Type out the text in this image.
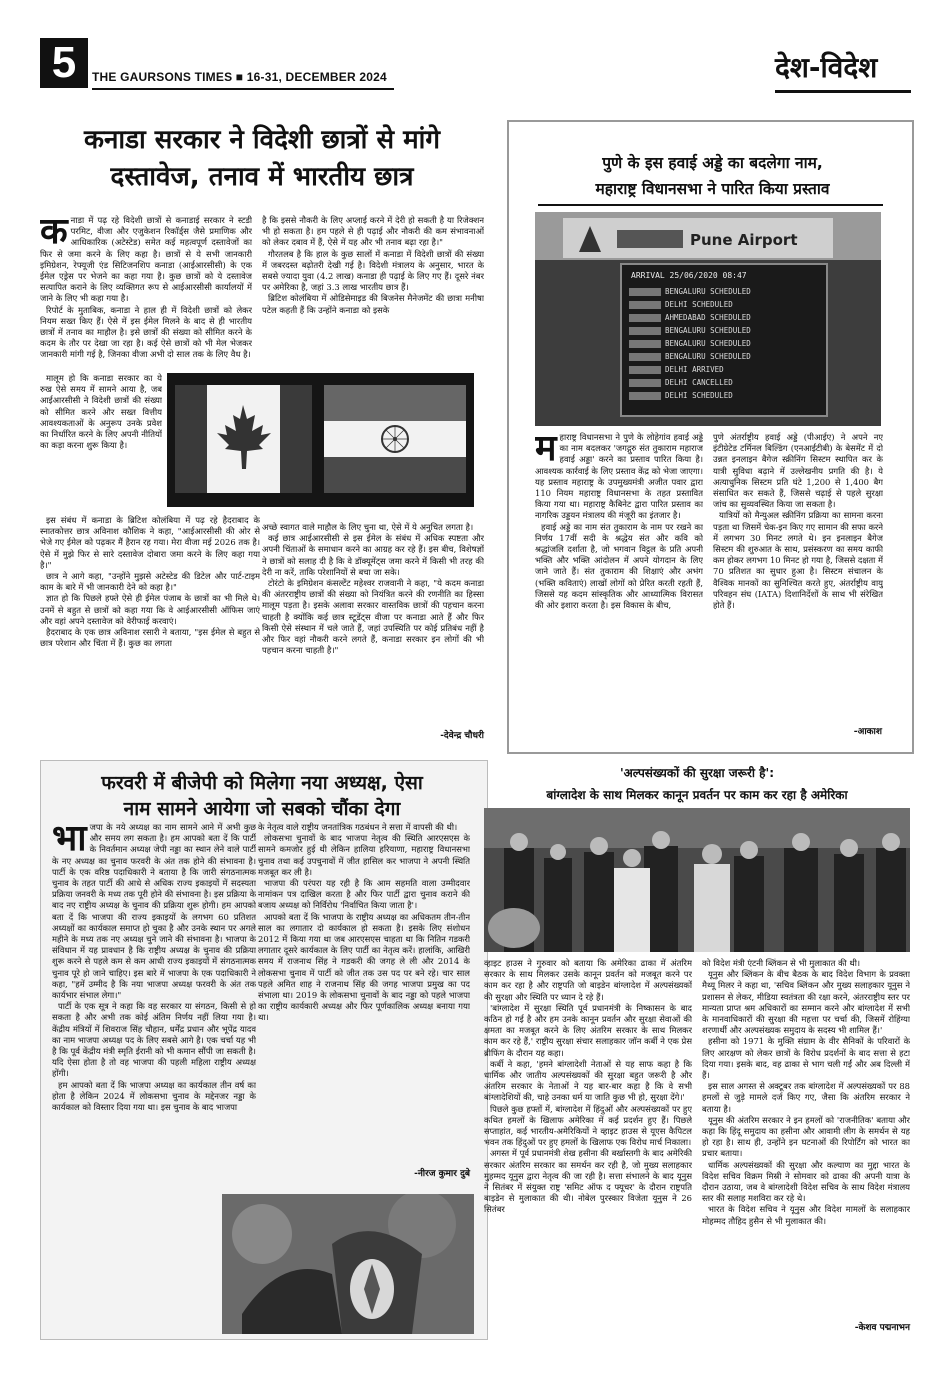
5	THE GAURSONS TIMES ■ 16-31, DECEMBER 2024	देश-विदेश
कनाडा सरकार ने विदेशी छात्रों से मांगे
दस्तावेज, तनाव में भारतीय छात्र
क नाडा में पढ़ रहे विदेशी छात्रों से कनाडाई सरकार ने स्टडी परमिट, वीजा और एजुकेशन रिकॉर्ड्स जैसे प्रमाणिक और आधिकारिक (अटेस्टेड) समेत कई महत्वपूर्ण दस्तावेजों का फिर से जमा करने के लिए कहा है। छात्रों से ये सभी जानकारी इमिग्रेशन, रेफ्यूजी एंड सिटिजनशिप कनाडा (आईआरसीसी) के एक ईमेल एड्रेस पर भेजने का कहा गया है। कुछ छात्रों को ये दस्तावेज सत्यापित कराने के लिए व्यक्तिगत रूप से आईआरसीसी कार्यालयों में जाने के लिए भी कहा गया है।

रिपोर्ट के मुताबिक, कनाडा ने हाल ही में विदेशी छात्रों को लेकर नियम सख्त किए हैं। ऐसे में इस ईमेल मिलने के बाद से ही भारतीय छात्रों में तनाव का माहौल है। इसे छात्रों की संख्या को सीमित करने के कदम के तौर पर देखा जा रहा है। कई ऐसे छात्रों को भी मेल भेजकर जानकारी मांगी गई है, जिनका वीजा अभी दो साल तक के लिए वैध है।

मालूम हो कि कनाडा सरकार का ये रुख ऐसे समय में सामने आया है, जब आईआरसीसी ने विदेशी छात्रों की संख्या को सीमित करने और सख्त वित्तीय आवश्यकताओं के अनुरूप उनके प्रवेश का निर्धारित करने के लिए अपनी नीतियों का कड़ा करना शुरू किया है।

इस संबंध में कनाडा के ब्रिटिश कोलंबिया में पढ़ रहे हैदराबाद के स्नातकोत्तर छात्र अविनाश कौशिक ने कहा, "आईआरसीसी की ओर से भेजे गए ईमेल को पढ़कर मैं हैरान रह गया। मेरा वीजा मई 2026 तक है। ऐसे में मुझे फिर से सारे दस्तावेज दोबारा जमा करने के लिए कहा गया है।"

छात्र ने आगे कहा, "उन्होंने मुझसे अटेस्टेड की डिटेल और पार्ट-टाइम काम के बारे में भी जानकारी देने को कहा है।"

ज्ञात हो कि पिछले हफ्ते ऐसे ही ईमेल पंजाब के छात्रों का भी मिले थे। उनमें से बहुत से छात्रों को कहा गया कि वे आईआरसीसी ऑफिस जाएं और वहां अपने दस्तावेज को वेरीफाई करवाएं।

हैदराबाद के एक छात्र अविनाश रसारी ने बताया, "इस ईमेल से बहुत से छात्र परेशान और चिंता में हैं। कुछ का लगता

है कि इससे नौकरी के लिए अप्लाई करने में देरी हो सकती है या रिजेक्शन भी हो सकता है। हम पहले से ही पढ़ाई और नौकरी की कम संभावनाओं को लेकर दबाव में हैं, ऐसे में यह और भी तनाव बढ़ा रहा है।"

गौरतलब है कि हाल के कुछ सालों में कनाडा में विदेशी छात्रों की संख्या में जबरदस्त बढ़ोतरी देखी गई है। विदेशी मंत्रालय के अनुसार, भारत के सबसे ज्यादा युवा (4.2 लाख) कनाडा ही पढ़ाई के लिए गए हैं। दूसरे नंबर पर अमेरिका है, जहां 3.3 लाख भारतीय छात्र हैं।

ब्रिटिश कोलंबिया में ओडिसेमाइड की बिजनेस मैनेजमेंट की छात्रा मनीषा पटेल कहती हैं कि उन्होंने कनाडा को इसके

अच्छे स्वागत वाले माहौल के लिए चुना था, ऐसे में ये अनुचित लगता है।

कई छात्र आईआरसीसी से इस ईमेल के संबंध में अधिक स्पष्टता और अपनी चिंताओं के समाधान करने का आग्रह कर रहे हैं। इस बीच, विशेषज्ञों ने छात्रों को सलाह दी है कि वे डॉक्यूमेंट्स जमा करने में किसी भी तरह की देरी ना करें, ताकि परेशानियों से बचा जा सके।

टोरंटो के इमिग्रेशन कंसल्टेंट महेश्वर राजवानी ने कहा, "ये कदम कनाडा की अंतरराष्ट्रीय छात्रों की संख्या को नियंत्रित करने की रणनीति का हिस्सा मालूम पड़ता है। इसके अलावा सरकार वास्तविक छात्रों की पहचान करना चाहती है क्योंकि कई छात्र स्टूडेंट्स वीजा पर कनाडा आते हैं और फिर किसी ऐसे संस्थान में चले जाते हैं, जहां उपस्थिति पर कोई प्रतिबंध नहीं है और फिर वहां नौकरी करने लगते हैं, कनाडा सरकार इन लोगों की भी पहचान करना चाहती है।"

-देवेन्द्र चौधरी
पुणे के इस हवाई अड्डे का बदलेगा नाम,
महाराष्ट्र विधानसभा ने पारित किया प्रस्ताव
Pune Airport
ARRIVAL 25/06/2020 08:47
BENGALURU SCHEDULED
DELHI SCHEDULED
AHMEDABAD SCHEDULED
BENGALURU SCHEDULED
BENGALURU SCHEDULED
BENGALURU SCHEDULED
DELHI ARRIVED
DELHI CANCELLED
DELHI SCHEDULED
म हाराष्ट्र विधानसभा ने पुणे के लोहेगांव हवाई अड्डे का नाम बदलकर 'जगद्गुरु संत तुकाराम महाराज हवाई अड्डा' करने का प्रस्ताव पारित किया है। आवश्यक कार्रवाई के लिए प्रस्ताव केंद्र को भेजा जाएगा। यह प्रस्ताव महाराष्ट्र के उपमुख्यमंत्री अजीत पवार द्वारा 110 नियम महाराष्ट्र विधानसभा के तहत प्रस्तावित किया गया था। महाराष्ट्र कैबिनेट द्वारा पारित प्रस्ताव का नागरिक उड्डयन मंत्रालय की मंजूरी का इंतजार है।

हवाई अड्डे का नाम संत तुकाराम के नाम पर रखने का निर्णय 17वीं सदी के श्रद्धेय संत और कवि को श्रद्धांजलि दर्शाता है, जो भगवान विट्ठल के प्रति अपनी भक्ति और भक्ति आंदोलन में अपने योगदान के लिए जाने जाते हैं। संत तुकाराम की शिक्षाएं और अभंग (भक्ति कविताएं) लाखों लोगों को प्रेरित करती रहती हैं, जिससे यह कदम सांस्कृतिक और आध्यात्मिक विरासत की ओर इशारा करता है। इस विकास के बीच,

पुणे अंतर्राष्ट्रीय हवाई अड्डे (पीआईए) ने अपने नए इंटीग्रेटेड टर्मिनल बिल्डिंग (एनआईटीबी) के बेसमेंट में दो उन्नत इनलाइन बैगेज स्क्रीनिंग सिस्टम स्थापित कर के यात्री सुविधा बढ़ाने में उल्लेखनीय प्रगति की है। ये अत्याधुनिक सिस्टम प्रति घंटे 1,200 से 1,400 बैग संसाधित कर सकते हैं, जिससे चढ़ाई से पहले सुरक्षा जांच का सुव्यवस्थित किया जा सकता है।

यात्रियों को मैन्युअल स्क्रीनिंग प्रक्रिया का सामना करना पड़ता था जिसमें चेक-इन किए गए सामान की सफा करने में लगभग 30 मिनट लगते थे। इन इनलाइन बैगेज सिस्टम की शुरुआत के साथ, प्रसंस्करण का समय काफी कम होकर लगभग 10 मिनट हो गया है, जिससे दक्षता में 70 प्रतिशत का सुधार हुआ है। सिस्टम संचालन के वैश्विक मानकों का सुनिश्चित करते हुए, अंतर्राष्ट्रीय वायु परिवहन संघ (IATA) दिशानिर्देशों के साथ भी संरेखित होते हैं।

-आकाश
फरवरी में बीजेपी को मिलेगा नया अध्यक्ष, ऐसा
नाम सामने आयेगा जो सबको चौंका देगा
भा जपा के नये अध्यक्ष का नाम सामने आने में अभी कुछ और समय लग सकता है। हम आपको बता दें कि पार्टी के निवर्तमान अध्यक्ष जेपी नड्डा का स्थान लेने वाले पार्टी के नए अध्यक्ष का चुनाव फरवरी के अंत तक होने की संभावना है। पार्टी के एक वरिष्ठ पदाधिकारी ने बताया है कि जारी संगठनात्मक चुनाव के तहत पार्टी की आधे से अधिक राज्य इकाइयों में सदस्यता प्रक्रिया जनवरी के मध्य तक पूरी होने की संभावना है। इस प्रक्रिया के बाद नए राष्ट्रीय अध्यक्ष के चुनाव की प्रक्रिया शुरू होगी। हम आपको बता दें कि भाजपा की राज्य इकाइयों के लगभग 60 प्रतिशत अध्यक्षों का कार्यकाल समाप्त हो चुका है और उनके स्थान पर अगले महीने के मध्य तक नए अध्यक्ष चुने जाने की संभावना है। भाजपा के संविधान में यह प्रावधान है कि राष्ट्रीय अध्यक्ष के चुनाव की प्रक्रिया शुरू करने से पहले कम से कम आधी राज्य इकाइयों में संगठनात्मक चुनाव पूरे हो जाने चाहिए। इस बारे में भाजपा के एक पदाधिकारी ने कहा, "हमें उम्मीद है कि नया भाजपा अध्यक्ष फरवरी के अंत तक कार्यभार संभाल लेगा।"

पार्टी के एक सूत्र ने कहा कि वह सरकार या संगठन, किसी से हो सकता है और अभी तक कोई अंतिम निर्णय नहीं लिया गया है। केंद्रीय मंत्रियों में शिवराज सिंह चौहान, धर्मेंद्र प्रधान और भूपेंद्र यादव का नाम भाजपा अध्यक्ष पद के लिए सबसे आगे है। एक चर्चा यह भी है कि पूर्व केंद्रीय मंत्री स्मृति ईरानी को भी कमान सौंपी जा सकती है। यदि ऐसा होता है तो वह भाजपा की पहली महिला राष्ट्रीय अध्यक्ष होंगी।

हम आपको बता दें कि भाजपा अध्यक्ष का कार्यकाल तीन वर्ष का होता है लेकिन 2024 में लोकसभा चुनाव के मद्देनजर नड्डा के कार्यकाल को विस्तार दिया गया था। इस चुनाव के बाद भाजपा

के नेतृत्व वाले राष्ट्रीय जनतांत्रिक गठबंधन ने सत्ता में वापसी की थी।

लोकसभा चुनावों के बाद भाजपा नेतृत्व की स्थिति आरएसएस के सामने कमजोर हुई थी लेकिन हालिया हरियाणा, महाराष्ट्र विधानसभा चुनाव तथा कई उपचुनावों में जीत हासिल कर भाजपा ने अपनी स्थिति मजबूत कर ली है।

भाजपा की परंपरा यह रही है कि आम सहमति वाला उम्मीदवार नामांकन पत्र दाखिल करता है और फिर पार्टी द्वारा चुनाव कराने की बजाय अध्यक्ष को निर्विरोध 'निर्वाचित किया जाता है'।

आपको बता दें कि भाजपा के राष्ट्रीय अध्यक्ष का अधिकतम तीन-तीन साल का लगातार दो कार्यकाल हो सकता है। इसके लिए संशोधन 2012 में किया गया था जब आरएसएस चाहता था कि नितिन गडकरी लगातार दूसरे कार्यकाल के लिए पार्टी का नेतृत्व करें। हालांकि, आखिरी समय में राजनाथ सिंह ने गडकरी की जगह ले ली और 2014 के लोकसभा चुनाव में पार्टी को जीत तक उस पद पर बने रहे। चार साल पहले अमित शाह ने राजनाथ सिंह की जगह भाजपा प्रमुख का पद संभाला था। 2019 के लोकसभा चुनावों के बाद नड्डा को पहले भाजपा का राष्ट्रीय कार्यकारी अध्यक्ष और फिर पूर्णकालिक अध्यक्ष बनाया गया था।

-नीरज कुमार दुबे
'अल्पसंख्यकों की सुरक्षा जरूरी है':
बांग्लादेश के साथ मिलकर कानून प्रवर्तन पर काम कर रहा है अमेरिका

व्हाइट हाउस ने गुरुवार को बताया कि अमेरिका ढाका में अंतरिम सरकार के साथ मिलकर उसके कानून प्रवर्तन को मजबूत करने पर काम कर रहा है और राष्ट्रपति जो बाइडेन बांग्लादेश में अल्पसंख्यकों की सुरक्षा और स्थिति पर ध्यान दे रहे हैं।

'बांग्लादेश में सुरक्षा स्थिति पूर्व प्रधानमंत्री के निष्कासन के बाद कठिन हो गई है और हम उनके कानून प्रवर्तन और सुरक्षा सेवाओं की क्षमता का मजबूत करने के लिए अंतरिम सरकार के साथ मिलकर काम कर रहे हैं,' राष्ट्रीय सुरक्षा संचार सलाहकार जॉन कर्बी ने एक प्रेस ब्रीफिंग के दौरान यह कहा।

कर्बी ने कहा, 'हमने बांग्लादेशी नेताओं से यह साफ कहा है कि धार्मिक और जातीय अल्पसंख्यकों की सुरक्षा बहुत जरूरी है और अंतरिम सरकार के नेताओं ने यह बार-बार कहा है कि वे सभी बांग्लादेशियों की, चाहे उनका धर्म या जाति कुछ भी हो, सुरक्षा देंगे।'

पिछले कुछ हफ्तों में, बांग्लादेश में हिंदुओं और अल्पसंख्यकों पर हुए कथित हमलों के खिलाफ अमेरिका में कई प्रदर्शन हुए हैं। पिछले सप्ताहांत, कई भारतीय-अमेरिकियों ने व्हाइट हाउस से यूएस कैपिटल भवन तक हिंदुओं पर हुए हमलों के खिलाफ एक विरोध मार्च निकाला।

अगस्त में पूर्व प्रधानमंत्री शेख हसीना की बर्खास्तगी के बाद अमेरिकी सरकार अंतरिम सरकार का समर्थन कर रही है, जो मुख्य सलाहकार मुहम्मद यूनुस द्वारा नेतृत्व की जा रही है। सत्ता संभालने के बाद यूनुस ने सितंबर में संयुक्त राष्ट्र 'समिट ऑफ द फ्यूचर' के दौरान राष्ट्रपति बाइडेन से मुलाकात की थी। नोबेल पुरस्कार विजेता यूनुस ने 26 सितंबर

को विदेश मंत्री एंटनी ब्लिंकन से भी मुलाकात की थी।

यूनुस और ब्लिंकन के बीच बैठक के बाद विदेश विभाग के प्रवक्ता मैथ्यू मिलर ने कहा था, 'सचिव ब्लिंकन और मुख्य सलाहकार यूनुस ने प्रशासन से लेकर, मीडिया स्वतंत्रता की रक्षा करने, अंतरराष्ट्रीय स्तर पर मान्यता प्राप्त श्रम अधिकारों का सम्मान करने और बांग्लादेश में सभी के मानवाधिकारों की सुरक्षा की महत्ता पर चर्चा की, जिसमें रोहिंग्या शरणार्थी और अल्पसंख्यक समुदाय के सदस्य भी शामिल हैं।'

हसीना को 1971 के मुक्ति संग्राम के वीर सैनिकों के परिवारों के लिए आरक्षण को लेकर छात्रों के विरोध प्रदर्शनों के बाद सत्ता से हटा दिया गया। इसके बाद, वह ढाका से भाग चली गईं और अब दिल्ली में हैं।

इस साल अगस्त से अक्टूबर तक बांग्लादेश में अल्पसंख्यकों पर 88 हमलों से जुड़े मामले दर्ज किए गए, जैसा कि अंतरिम सरकार ने बताया है।

यूनुस की अंतरिम सरकार ने इन हमलों को 'राजनीतिक' बताया और कहा कि हिंदू समुदाय का हसीना और आवामी लीग के समर्थन से यह हो रहा है। साथ ही, उन्होंने इन घटनाओं की रिपोर्टिंग को भारत का प्रचार बताया।

धार्मिक अल्पसंख्यकों की सुरक्षा और कल्याण का मुद्दा भारत के विदेश सचिव विक्रम मिस्री ने सोमवार को ढाका की अपनी यात्रा के दौरान उठाया, जब वे बांग्लादेशी विदेश सचिव के साथ विदेश मंत्रालय स्तर की सलाह मशविरा कर रहे थे।

भारत के विदेश सचिव ने यूनुस और विदेश मामलों के सलाहकार मोहम्मद तौहिद हुसैन से भी मुलाकात की।

-केशव पद्मनाभन
